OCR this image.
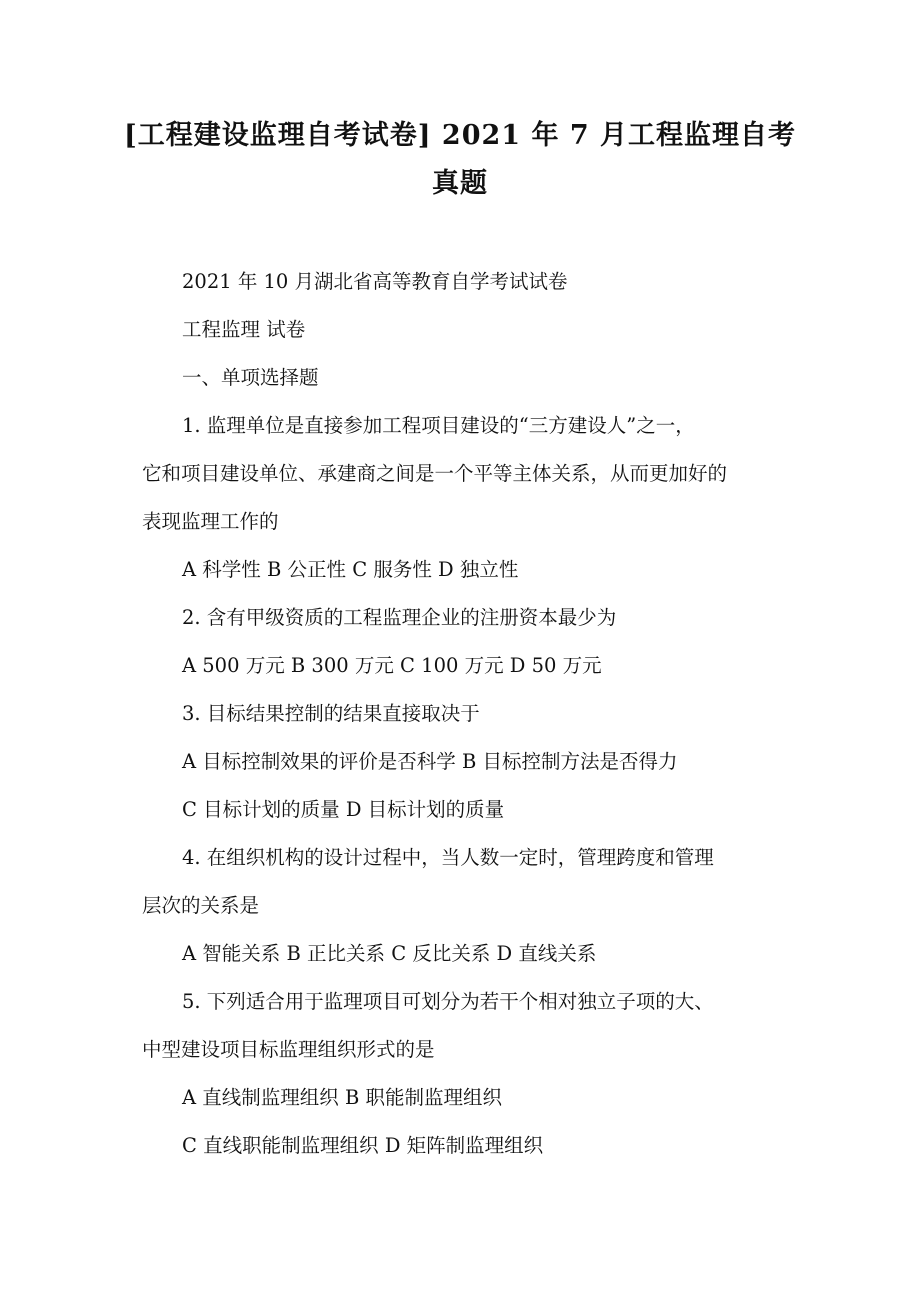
[工程建设监理自考试卷] 2021 年 7 月工程监理自考
真题

2021 年 10 月湖北省高等教育自学考试试卷

工程监理 试卷

一、单项选择题

1. 监理单位是直接参加工程项目建设的“三方建设人”之一，

它和项目建设单位、承建商之间是一个平等主体关系，从而更加好的

表现监理工作的

A 科学性 B 公正性 C 服务性 D 独立性

2. 含有甲级资质的工程监理企业的注册资本最少为

A 500 万元 B 300 万元 C 100 万元 D 50 万元

3. 目标结果控制的结果直接取决于

A 目标控制效果的评价是否科学 B 目标控制方法是否得力

C 目标计划的质量 D 目标计划的质量

4. 在组织机构的设计过程中，当人数一定时，管理跨度和管理

层次的关系是

A 智能关系 B 正比关系 C 反比关系 D 直线关系

5. 下列适合用于监理项目可划分为若干个相对独立子项的大、

中型建设项目标监理组织形式的是

A 直线制监理组织 B 职能制监理组织

C 直线职能制监理组织 D 矩阵制监理组织
